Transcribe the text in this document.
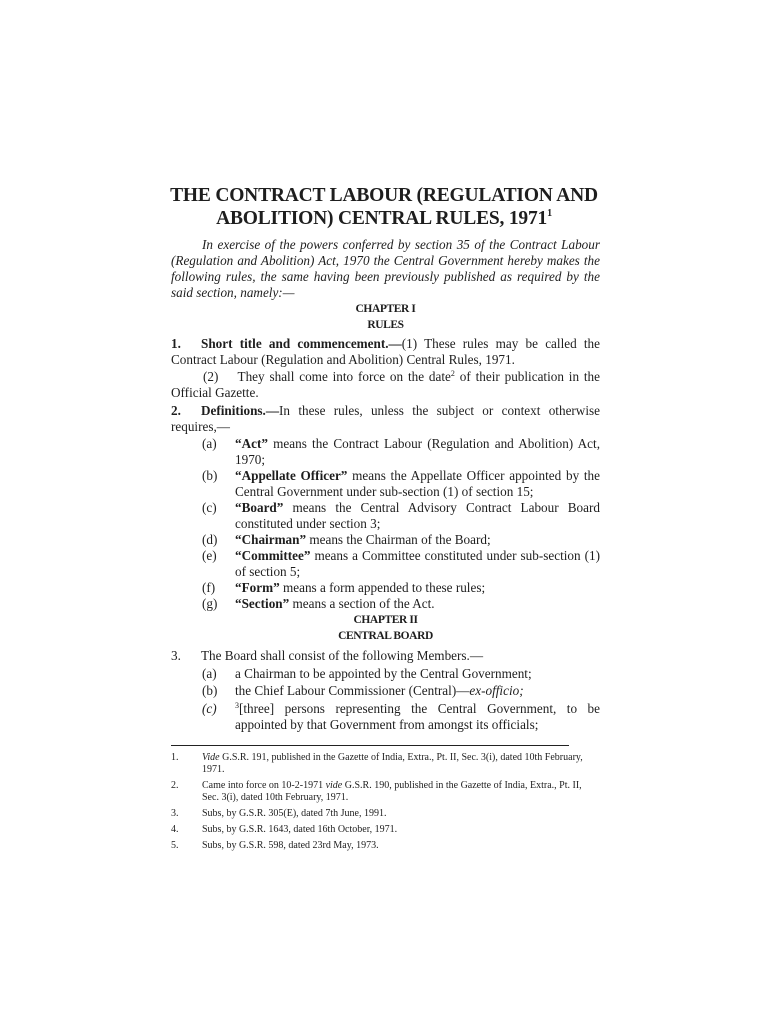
THE CONTRACT LABOUR (REGULATION AND
ABOLITION) CENTRAL RULES, 1971$^1$
In exercise of the powers conferred by section 35 of the Contract Labour (Regulation and Abolition) Act, 1970 the Central Government hereby makes the following rules, the same having been previously published as required by the said section, namely:—
CHAPTER I
RULES
1. Short title and commencement.—(1) These rules may be called the Contract Labour (Regulation and Abolition) Central Rules, 1971.
(2)    They shall come into force on the date$^2$ of their publication in the Official Gazette.
2. Definitions.—In these rules, unless the subject or context otherwise requires,—
(a)	“Act” means the Contract Labour (Regulation and Abolition) Act, 1970;
(b)	“Appellate Officer” means the Appellate Officer appointed by the Central Government under sub-section (1) of section 15;
(c)	“Board” means the Central Advisory Contract Labour Board constituted under section 3;
(d)	“Chairman” means the Chairman of the Board;
(e)	“Committee” means a Committee constituted under sub-section (1) of section 5;
(f)	“Form” means a form appended to these rules;
(g)	“Section” means a section of the Act.
CHAPTER II
CENTRAL BOARD
3. The Board shall consist of the following Members.—
(a)	a Chairman to be appointed by the Central Government;
(b)	the Chief Labour Commissioner (Central)—ex-officio;
(c)	$^3$[three] persons representing the Central Government, to be appointed by that Government from amongst its officials;
1.	Vide G.S.R. 191, published in the Gazette of India, Extra., Pt. II, Sec. 3(i), dated 10th February, 1971.
2.	Came into force on 10-2-1971 vide G.S.R. 190, published in the Gazette of India, Extra., Pt. II, Sec. 3(i), dated 10th February, 1971.
3.	Subs, by G.S.R. 305(E), dated 7th June, 1991.
4.	Subs, by G.S.R. 1643, dated 16th October, 1971.
5.	Subs, by G.S.R. 598, dated 23rd May, 1973.
